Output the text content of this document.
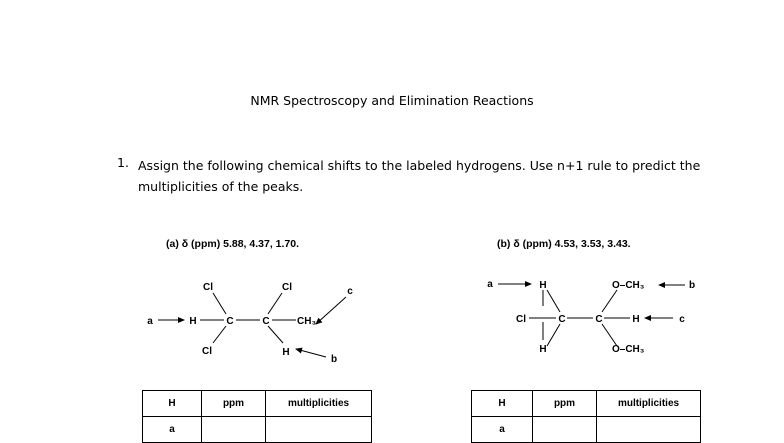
NMR Spectroscopy and Elimination Reactions
1. Assign the following chemical shifts to the labeled hydrogens. Use n+1 rule to predict the multiplicities of the peaks.
(a) δ (ppm) 5.88, 4.37, 1.70.	(b) δ (ppm) 4.53, 3.53, 3.43.
Cl	Cl
Cl
H	C	C	CH₃
H
a
b
c
a	H	O–CH₃	b
Cl	C	C	H	c
H	O–CH₃
H	ppm	multiplicities
a		
H	ppm	multiplicities
a		
